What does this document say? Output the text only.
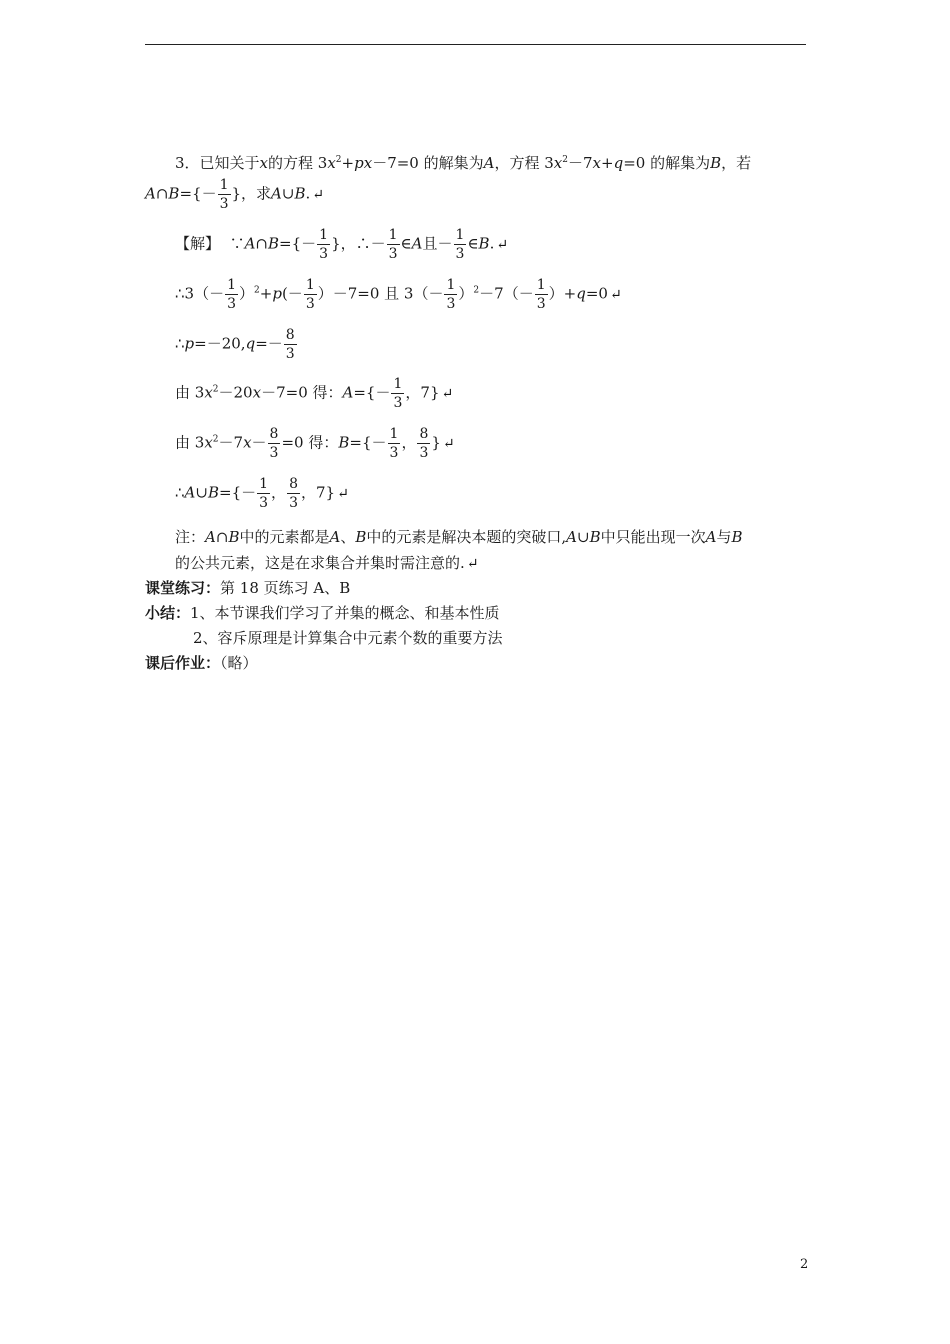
3．已知关于x的方程 $3x^2+px-7=0$ 的解集为A，方程 $3x^2-7x+q=0$ 的解集为B，若
A∩B={－ $\frac{1}{3}$ }，求A∪B. ↵
【解】 ∵A∩B={－ $\frac{1}{3}$ }，∴－ $\frac{1}{3}$ ∈A且－ $\frac{1}{3}$ ∈B. ↵
∴3（－ $\frac{1}{3} )^2+p(- \frac{1}{3} )-7=0$ 且 $3(- \frac{1}{3} )^2-7(- \frac{1}{3} )+q=0$ ↵
∴p=－20,q=－ $\frac{8}{3}$
由 $3x^2-20x-7=0$ 得：$A=\{- \frac{1}{3}$ ，7} ↵
由 $3x^2-7x- \frac{8}{3} =0$ 得：$B=\{- \frac{1}{3}$ ， $\frac{8}{3}$ } ↵
∴A∪B={－ $\frac{1}{3}$ ， $\frac{8}{3}$ ，7} ↵
注：A∩B中的元素都是A、B中的元素是解决本题的突破口,A∪B中只能出现一次A与B
的公共元素，这是在求集合并集时需注意的. ↵
课堂练习：第 18 页练习 A、B
小结：1、本节课我们学习了并集的概念、和基本性质
2、容斥原理是计算集合中元素个数的重要方法
课后作业：（略）
2
